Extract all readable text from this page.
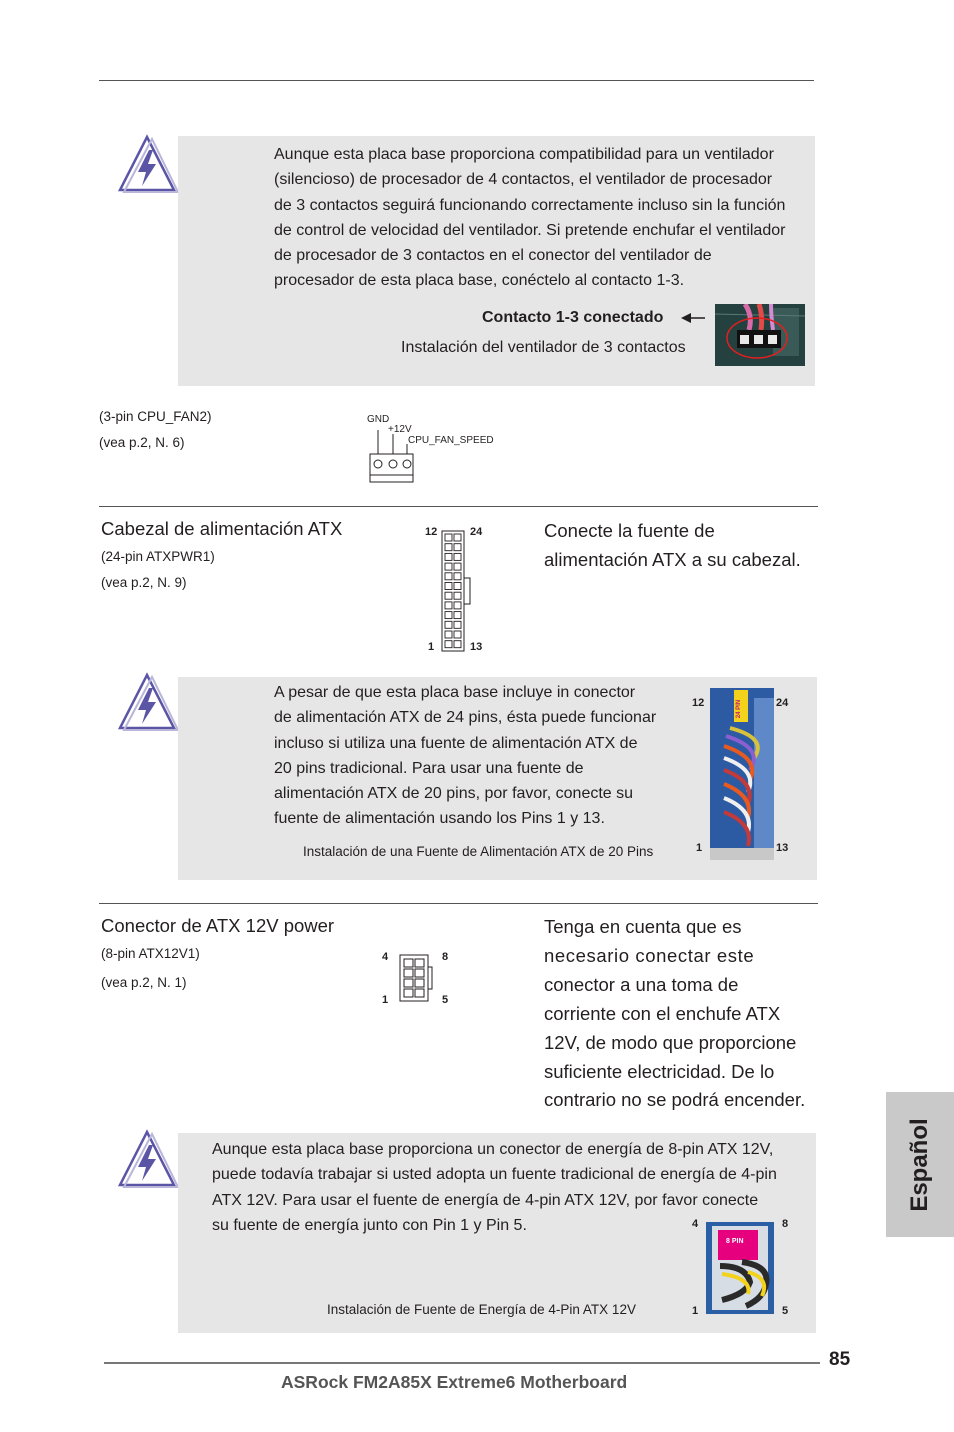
Aunque esta placa base proporciona compatibilidad para un ventilador
(silencioso) de procesador de 4 contactos, el ventilador de procesador
de 3 contactos seguirá funcionando correctamente incluso sin la función
de control de velocidad del ventilador. Si pretende enchufar el ventilador
de procesador de 3 contactos en el conector del ventilador de
procesador de esta placa base, conéctelo al contacto 1-3.
Contacto 1-3 conectado
Instalación del ventilador de 3 contactos
(3-pin CPU_FAN2)
(vea p.2, N. 6)
GND
+12V
CPU_FAN_SPEED
Cabezal de alimentación ATX
(24-pin ATXPWR1)
(vea p.2, N. 9)
Conecte la fuente de
alimentación ATX a su cabezal.
12	24
1	13
A pesar de que esta placa base incluye in conector
de alimentación ATX de 24 pins, ésta puede funcionar
incluso si utiliza una fuente de alimentación ATX de
20 pins tradicional. Para usar una fuente de
alimentación ATX de 20 pins, por favor, conecte su
fuente de alimentación usando los Pins 1 y 13.
Instalación de una Fuente de Alimentación ATX de 20 Pins
12	24
1	13
24 PIN
Conector de ATX 12V power
(8-pin ATX12V1)
(vea p.2, N. 1)
Tenga en cuenta que es
necesario conectar este
conector a una toma de
corriente con el enchufe ATX
12V, de modo que proporcione
suficiente electricidad. De lo
contrario no se podrá encender.
4	8
1	5
Aunque esta placa base proporciona un conector de energía de 8-pin ATX 12V,
puede todavía trabajar si usted adopta un fuente tradicional de energía de 4-pin
ATX 12V. Para usar el fuente de energía de 4-pin ATX 12V, por favor conecte
su fuente de energía junto con Pin 1 y Pin 5.
Instalación de Fuente de Energía de 4-Pin ATX 12V
4	8
1	5
8 PIN
85
ASRock FM2A85X Extreme6 Motherboard
Español
